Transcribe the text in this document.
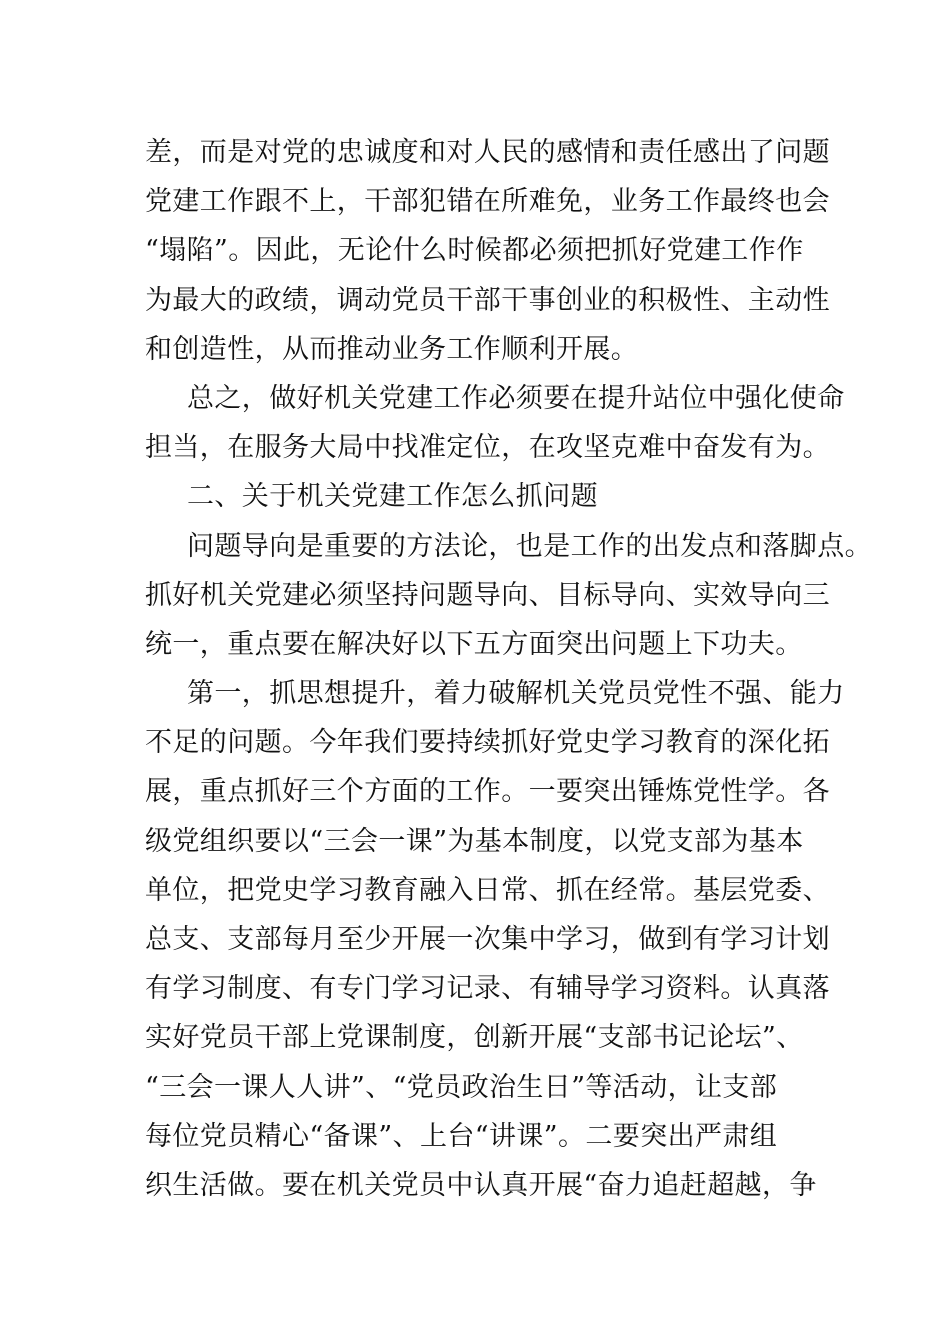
差，而是对党的忠诚度和对人民的感情和责任感出了问题
党建工作跟不上，干部犯错在所难免，业务工作最终也会
“塌陷”。因此，无论什么时候都必须把抓好党建工作作
为最大的政绩，调动党员干部干事创业的积极性、主动性
和创造性，从而推动业务工作顺利开展。
总之，做好机关党建工作必须要在提升站位中强化使命
担当，在服务大局中找准定位，在攻坚克难中奋发有为。
二、关于机关党建工作怎么抓问题
问题导向是重要的方法论，也是工作的出发点和落脚点。
抓好机关党建必须坚持问题导向、目标导向、实效导向三
统一，重点要在解决好以下五方面突出问题上下功夫。
第一，抓思想提升，着力破解机关党员党性不强、能力
不足的问题。今年我们要持续抓好党史学习教育的深化拓
展，重点抓好三个方面的工作。一要突出锤炼党性学。各
级党组织要以“三会一课”为基本制度，以党支部为基本
单位，把党史学习教育融入日常、抓在经常。基层党委、
总支、支部每月至少开展一次集中学习，做到有学习计划
有学习制度、有专门学习记录、有辅导学习资料。认真落
实好党员干部上党课制度，创新开展“支部书记论坛”、
“三会一课人人讲”、“党员政治生日”等活动，让支部
每位党员精心“备课”、上台“讲课”。二要突出严肃组
织生活做。要在机关党员中认真开展“奋力追赶超越，争
